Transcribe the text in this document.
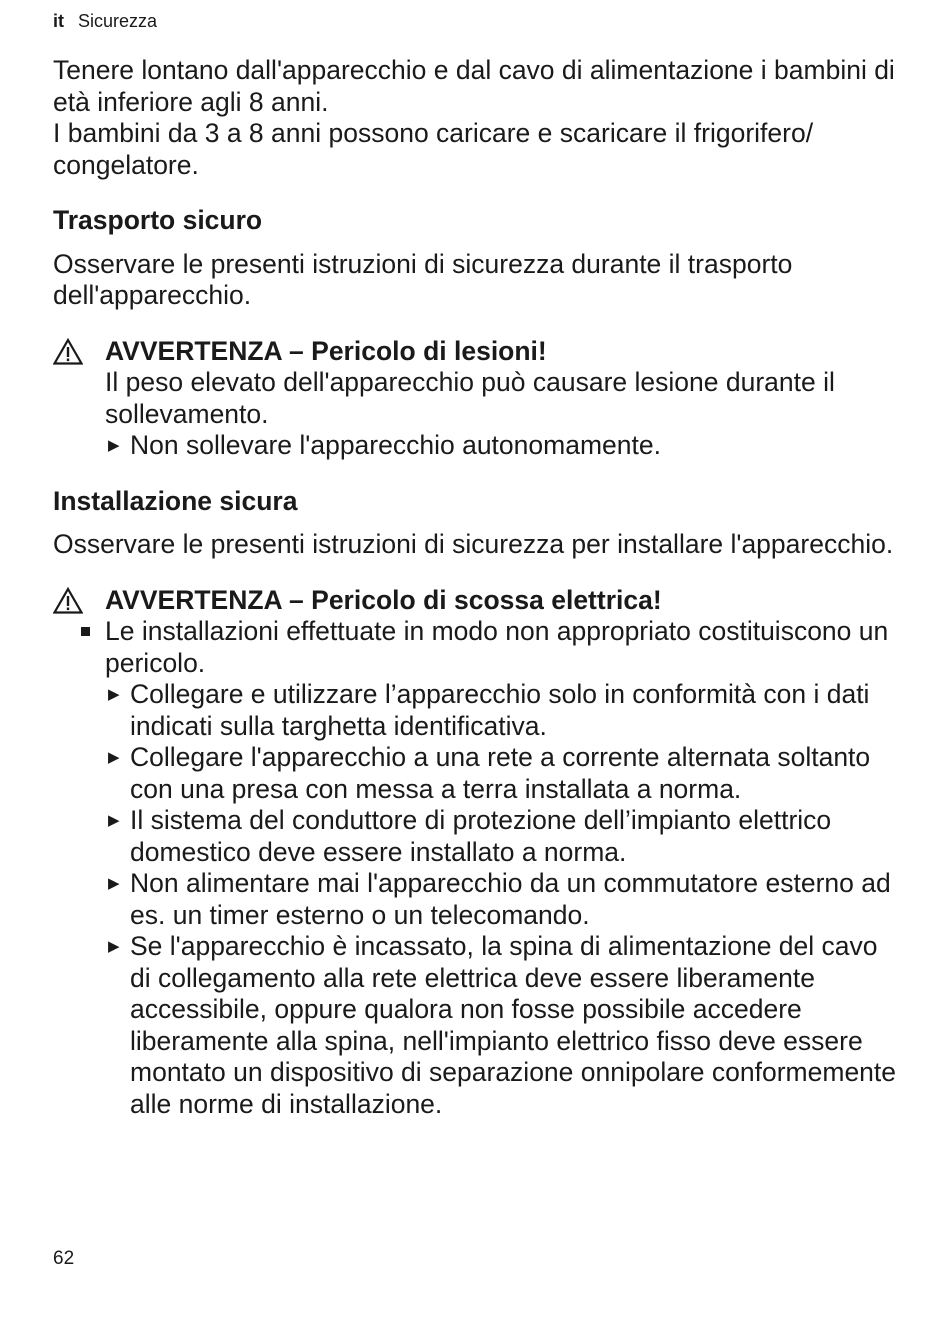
it Sicurezza

Tenere lontano dall'apparecchio e dal cavo di alimentazione i bambini di età inferiore agli 8 anni.

I bambini da 3 a 8 anni possono caricare e scaricare il frigorifero/ congelatore.

Trasporto sicuro

Osservare le presenti istruzioni di sicurezza durante il trasporto dell'apparecchio.

AVVERTENZA – Pericolo di lesioni!

Il peso elevato dell'apparecchio può causare lesione durante il sollevamento.

▶ Non sollevare l'apparecchio autonomamente.
Installazione sicura

Osservare le presenti istruzioni di sicurezza per installare l'apparecchio.

AVVERTENZA – Pericolo di scossa elettrica!
Le installazioni effettuate in modo non appropriato costituiscono un pericolo.
▶ Collegare e utilizzare l’apparecchio solo in conformità con i dati indicati sulla targhetta identificativa.
▶ Collegare l'apparecchio a una rete a corrente alternata soltanto con una presa con messa a terra installata a norma.
▶ Il sistema del conduttore di protezione dell’impianto elettrico domestico deve essere installato a norma.
▶ Non alimentare mai l'apparecchio da un commutatore esterno ad es. un timer esterno o un telecomando.
▶ Se l'apparecchio è incassato, la spina di alimentazione del cavo di collegamento alla rete elettrica deve essere liberamente accessibile, oppure qualora non fosse possibile accedere liberamente alla spina, nell'impianto elettrico fisso deve essere montato un dispositivo di separazione onnipolare conformemente alle norme di installazione.
62
